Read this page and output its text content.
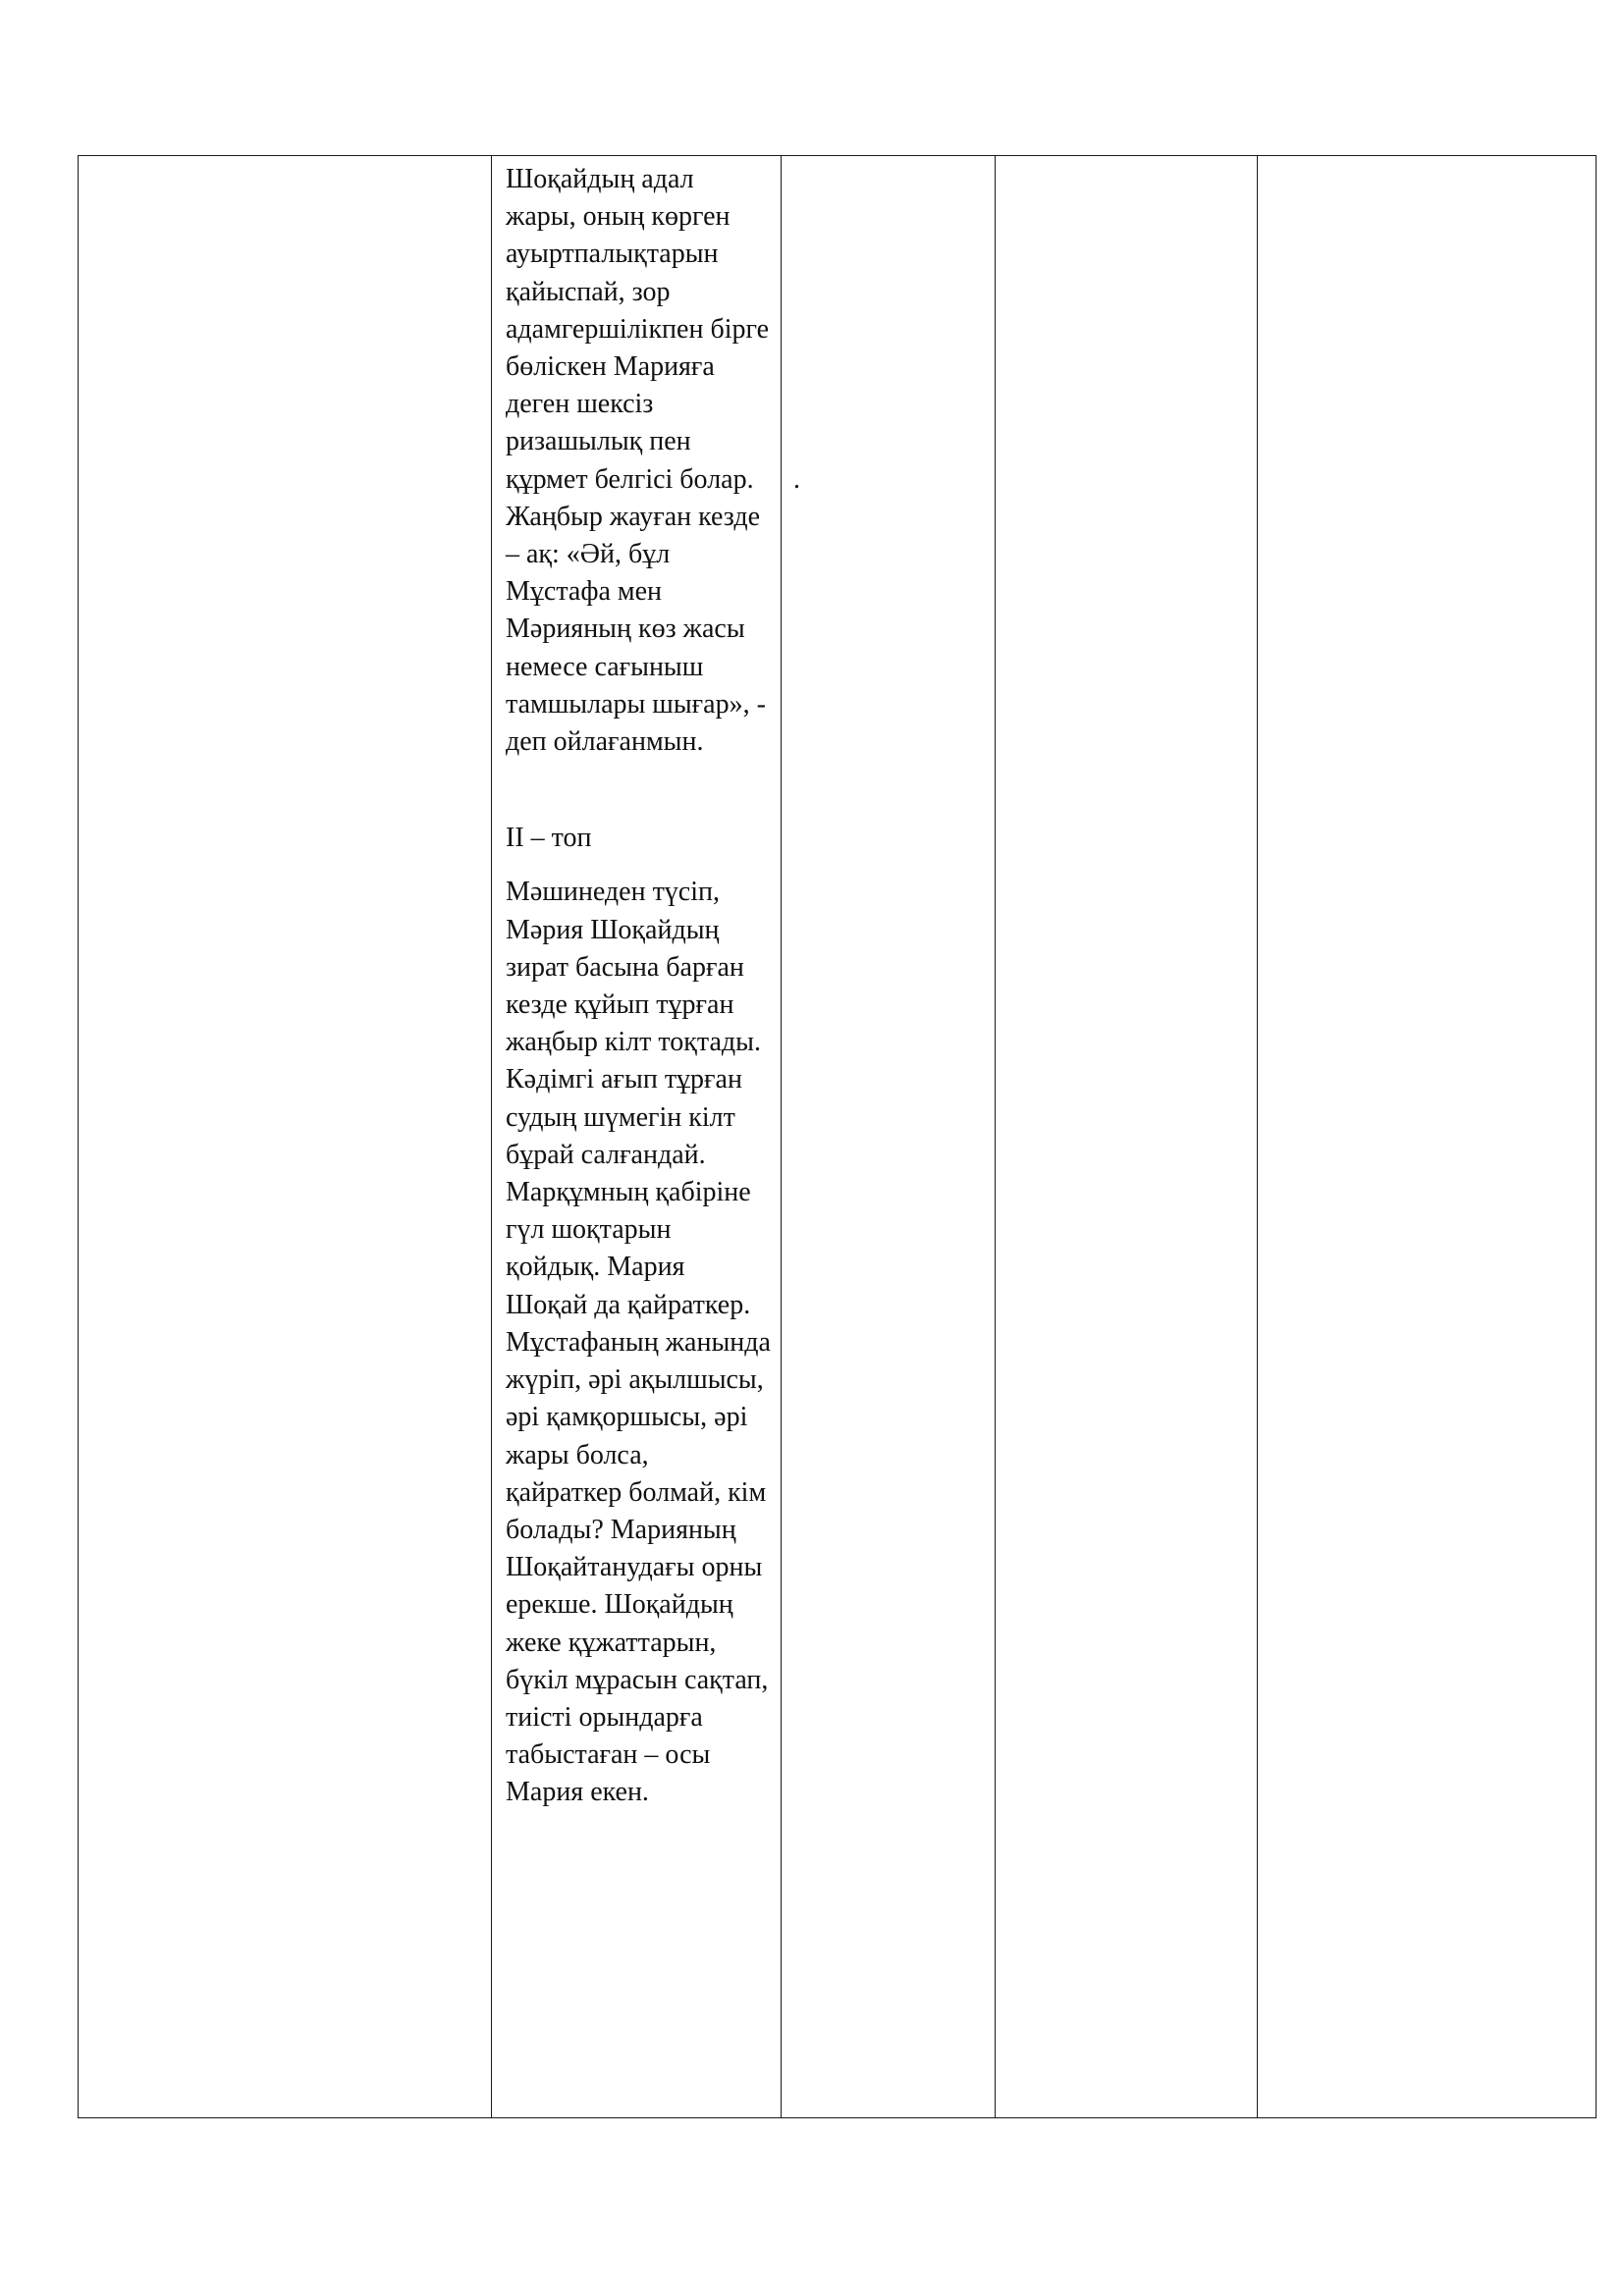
Шоқайдың адал жары, оның көрген ауыртпалықтарын қайыспай, зор адамгершілікпен бірге бөліскен Марияға деген шексіз ризашылық пен құрмет белгісі болар. Жаңбыр жауған кезде – ақ: «Әй, бұл Мұстафа мен Мәрияның көз жасы немесе сағыныш тамшылары шығар», - деп ойлағанмын.

II – топ

Мәшинеден түсіп, Мәрия Шоқайдың зират басына барған кезде құйып тұрған жаңбыр кілт тоқтады. Кәдімгі ағып тұрған судың шүмегін кілт бұрай салғандай. Марқұмның қабіріне гүл шоқтарын қойдық. Мария Шоқай да қайраткер. Мұстафаның жанында жүріп, әрі ақылшысы, әрі қамқоршысы, әрі жары болса, қайраткер болмай, кім болады? Марияның Шоқайтанудағы орны ерекше. Шоқайдың жеке құжаттарын, бүкіл мұрасын сақтап, тиісті орындарға табыстаған – осы Мария екен.

.
